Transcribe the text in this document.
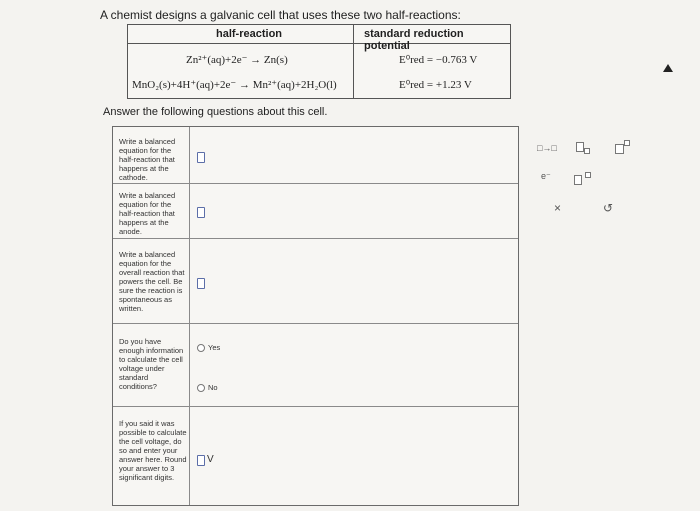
A chemist designs a galvanic cell that uses these two half-reactions:
half-reaction	standard reduction potential
Zn²⁺(aq)+2e⁻ → Zn(s)	E⁰red = −0.763 V
MnO₂(s)+4H⁺(aq)+2e⁻ → Mn²⁺(aq)+2H₂O(l)	E⁰red = +1.23 V
Answer the following questions about this cell.
Write a balanced equation for the half-reaction that happens at the cathode.
Write a balanced equation for the half-reaction that happens at the anode.
Write a balanced equation for the overall reaction that powers the cell. Be sure the reaction is spontaneous as written.
Do you have enough information to calculate the cell voltage under standard conditions?
Yes
No
If you said it was possible to calculate the cell voltage, do so and enter your answer here. Round your answer to 3 significant digits.
V
□→□
e⁻
×	↺
